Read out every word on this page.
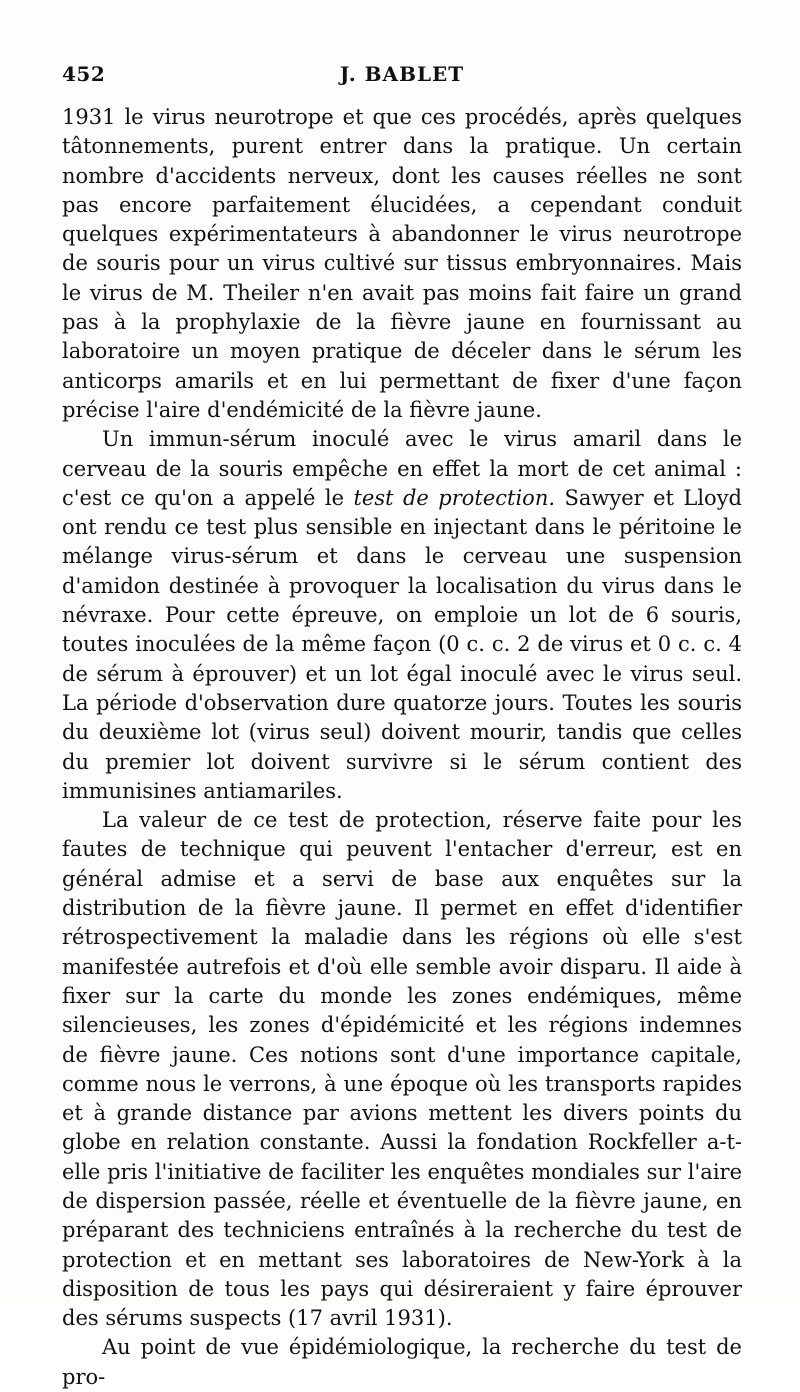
452	J. BABLET

1931 le virus neurotrope et que ces procédés, après quelques tâtonnements, purent entrer dans la pratique. Un certain nombre d'accidents nerveux, dont les causes réelles ne sont pas encore parfaitement élucidées, a cependant conduit quelques expérimentateurs à abandonner le virus neurotrope de souris pour un virus cultivé sur tissus embryonnaires. Mais le virus de M. Theiler n'en avait pas moins fait faire un grand pas à la prophylaxie de la fièvre jaune en fournissant au laboratoire un moyen pratique de déceler dans le sérum les anticorps amarils et en lui permettant de fixer d'une façon précise l'aire d'endémicité de la fièvre jaune.

Un immun-sérum inoculé avec le virus amaril dans le cerveau de la souris empêche en effet la mort de cet animal : c'est ce qu'on a appelé le test de protection. Sawyer et Lloyd ont rendu ce test plus sensible en injectant dans le péritoine le mélange virus-sérum et dans le cerveau une suspension d'amidon destinée à provoquer la localisation du virus dans le névraxe. Pour cette épreuve, on emploie un lot de 6 souris, toutes inoculées de la même façon (0 c. c. 2 de virus et 0 c. c. 4 de sérum à éprouver) et un lot égal inoculé avec le virus seul. La période d'observation dure quatorze jours. Toutes les souris du deuxième lot (virus seul) doivent mourir, tandis que celles du premier lot doivent survivre si le sérum contient des immunisines antiamariles.

La valeur de ce test de protection, réserve faite pour les fautes de technique qui peuvent l'entacher d'erreur, est en général admise et a servi de base aux enquêtes sur la distribution de la fièvre jaune. Il permet en effet d'identifier rétrospectivement la maladie dans les régions où elle s'est manifestée autrefois et d'où elle semble avoir disparu. Il aide à fixer sur la carte du monde les zones endémiques, même silencieuses, les zones d'épidémicité et les régions indemnes de fièvre jaune. Ces notions sont d'une importance capitale, comme nous le verrons, à une époque où les transports rapides et à grande distance par avions mettent les divers points du globe en relation constante. Aussi la fondation Rockfeller a-t-elle pris l'initiative de faciliter les enquêtes mondiales sur l'aire de dispersion passée, réelle et éventuelle de la fièvre jaune, en préparant des techniciens entraînés à la recherche du test de protection et en mettant ses laboratoires de New-York à la disposition de tous les pays qui désireraient y faire éprouver des sérums suspects (17 avril 1931).

Au point de vue épidémiologique, la recherche du test de pro-
